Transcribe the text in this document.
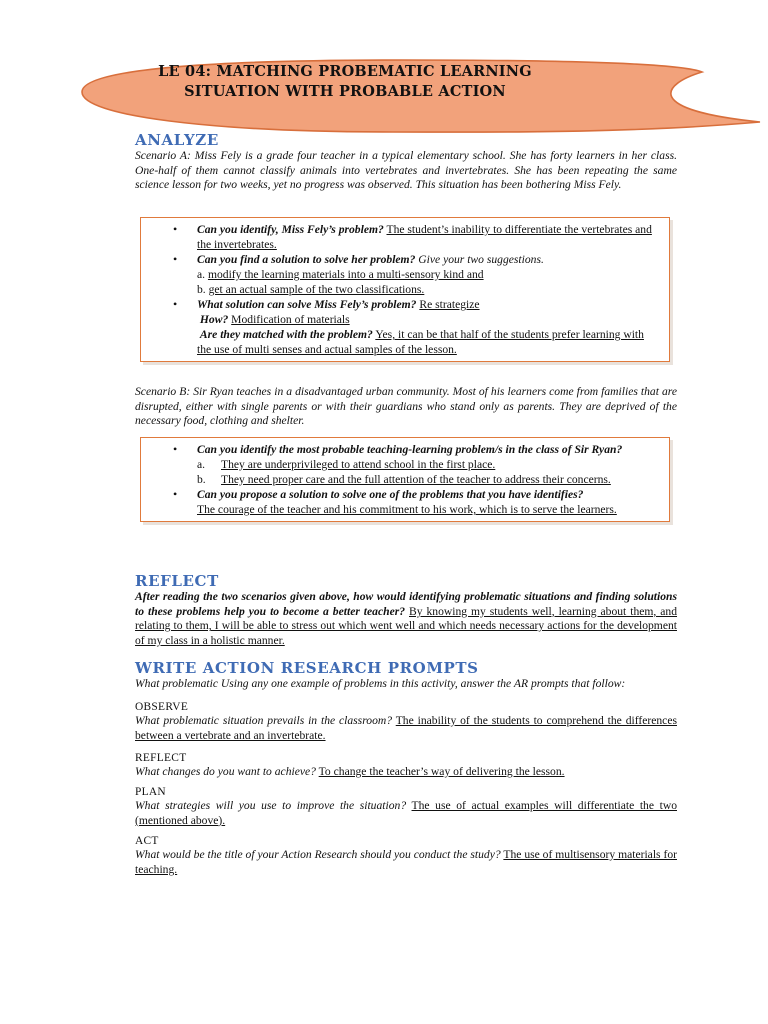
LE 04: MATCHING PROBEMATIC LEARNING
SITUATION WITH PROBABLE ACTION
ANALYZE

Scenario A: Miss Fely is a grade four teacher in a typical elementary school. She has forty learners in her class. One-half of them cannot classify animals into vertebrates and invertebrates. She has been repeating the same science lesson for two weeks, yet no progress was observed. This situation has been bothering Miss Fely.

• Can you identify, Miss Fely’s problem? The student’s inability to differentiate the vertebrates and the invertebrates.
• Can you find a solution to solve her problem? Give your two suggestions.
a. modify the learning materials into a multi-sensory kind and
b. get an actual sample of the two classifications.
• What solution can solve Miss Fely’s problem? Re strategize
How? Modification of materials
Are they matched with the problem? Yes, it can be that half of the students prefer learning with the use of multi senses and actual samples of the lesson.

Scenario B: Sir Ryan teaches in a disadvantaged urban community. Most of his learners come from families that are disrupted, either with single parents or with their guardians who stand only as parents. They are deprived of the necessary food, clothing and shelter.

• Can you identify the most probable teaching-learning problem/s in the class of Sir Ryan?
a. They are underprivileged to attend school in the first place.
b. They need proper care and the full attention of the teacher to address their concerns.
• Can you propose a solution to solve one of the problems that you have identifies?
The courage of the teacher and his commitment to his work, which is to serve the learners.
REFLECT

After reading the two scenarios given above, how would identifying problematic situations and finding solutions to these problems help you to become a better teacher? By knowing my students well, learning about them, and relating to them, I will be able to stress out which went well and which needs necessary actions for the development of my class in a holistic manner.

WRITE ACTION RESEARCH PROMPTS

What problematic Using any one example of problems in this activity, answer the AR prompts that follow:

OBSERVE

What problematic situation prevails in the classroom? The inability of the students to comprehend the differences between a vertebrate and an invertebrate.

REFLECT

What changes do you want to achieve? To change the teacher’s way of delivering the lesson.

PLAN

What strategies will you use to improve the situation? The use of actual examples will differentiate the two (mentioned above).

ACT

What would be the title of your Action Research should you conduct the study? The use of multisensory materials for teaching.
